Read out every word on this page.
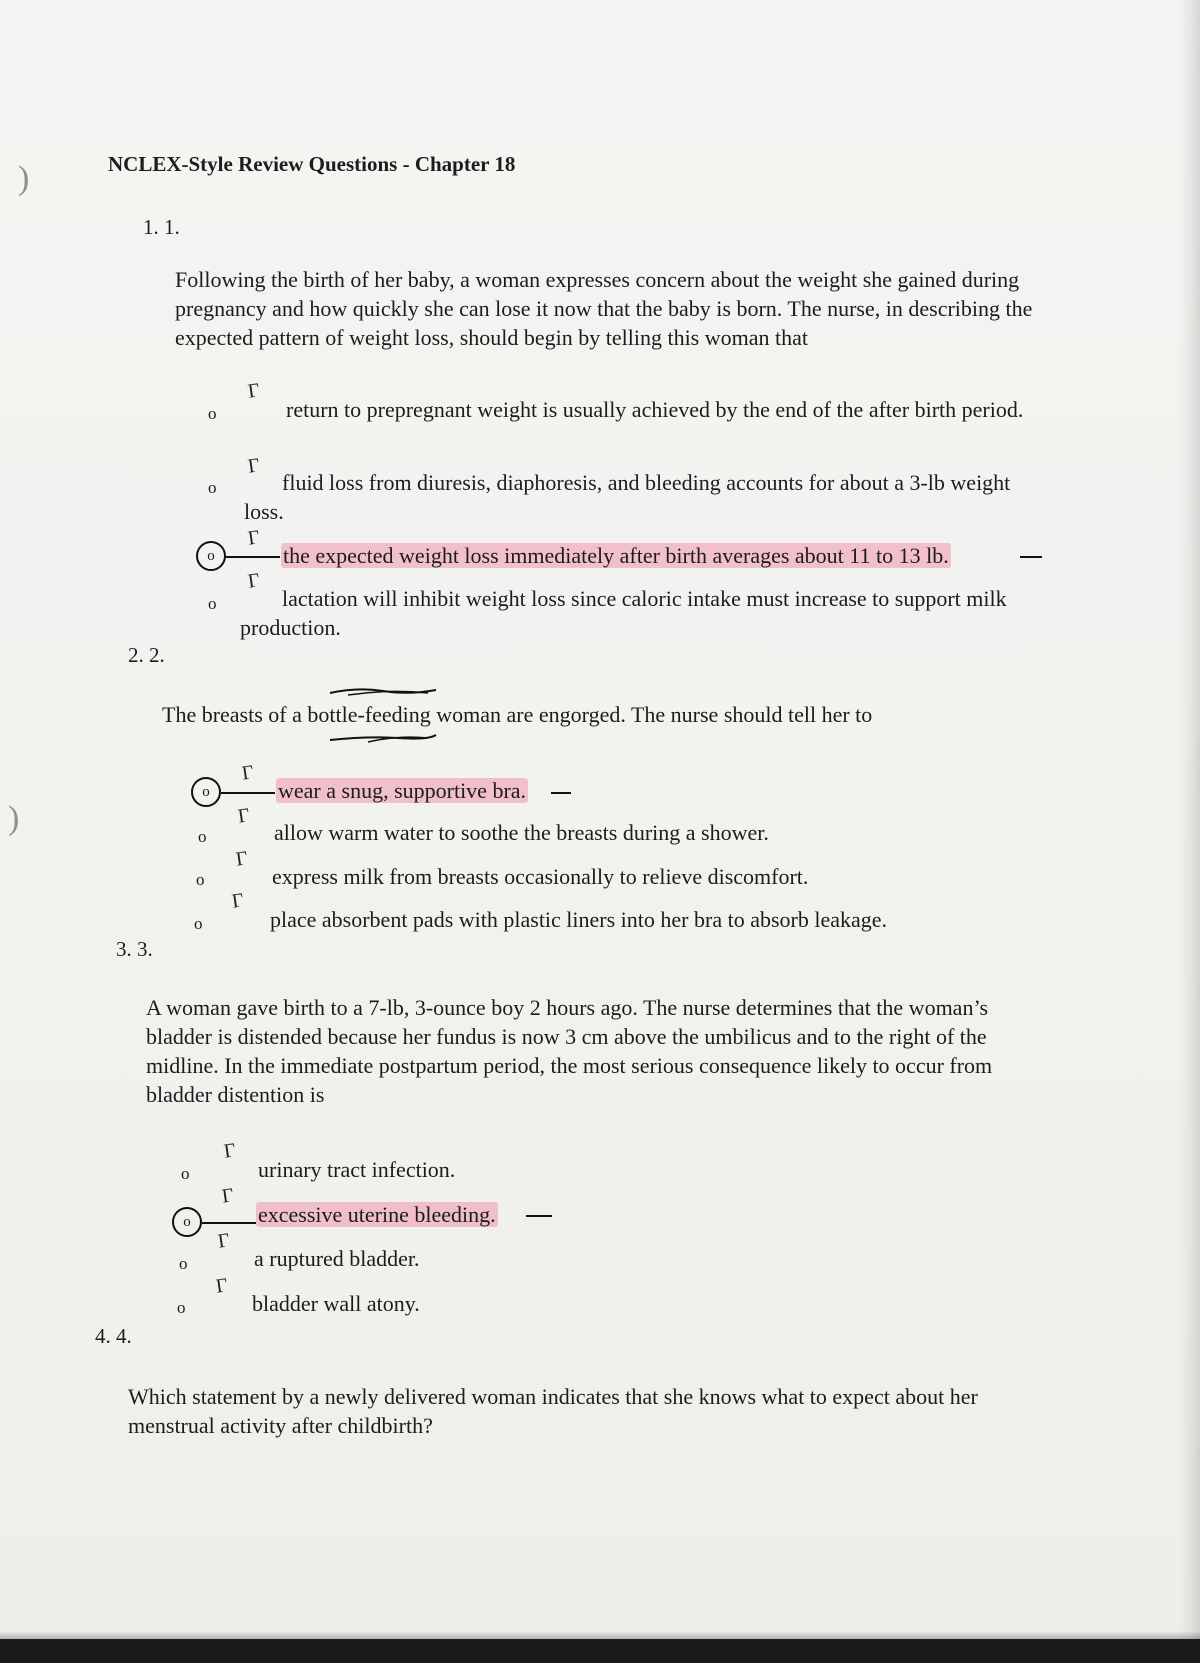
)
)
NCLEX-Style Review Questions - Chapter 18
1. 1.
Following the birth of her baby, a woman expresses concern about the weight she gained during pregnancy and how quickly she can lose it now that the baby is born. The nurse, in describing the expected pattern of weight loss, should begin by telling this woman that
o
Γ
return to prepregnant weight is usually achieved by the end of the after birth period.
o
Γ
fluid loss from diuresis, diaphoresis, and bleeding accounts for about a 3-lb weight loss.
o
Γ
the expected weight loss immediately after birth averages about 11 to 13 lb.
o
Γ
lactation will inhibit weight loss since caloric intake must increase to support milk production.
2. 2.
The breasts of a bottle-feeding woman are engorged. The nurse should tell her to
o
Γ
wear a snug, supportive bra.
o
Γ
allow warm water to soothe the breasts during a shower.
o
Γ
express milk from breasts occasionally to relieve discomfort.
o
Γ
place absorbent pads with plastic liners into her bra to absorb leakage.
3. 3.
A woman gave birth to a 7-lb, 3-ounce boy 2 hours ago. The nurse determines that the woman’s bladder is distended because her fundus is now 3 cm above the umbilicus and to the right of the midline. In the immediate postpartum period, the most serious consequence likely to occur from bladder distention is
o
Γ
urinary tract infection.
o
Γ
excessive uterine bleeding.
o
Γ
a ruptured bladder.
o
Γ
bladder wall atony.
4. 4.
Which statement by a newly delivered woman indicates that she knows what to expect about her menstrual activity after childbirth?
